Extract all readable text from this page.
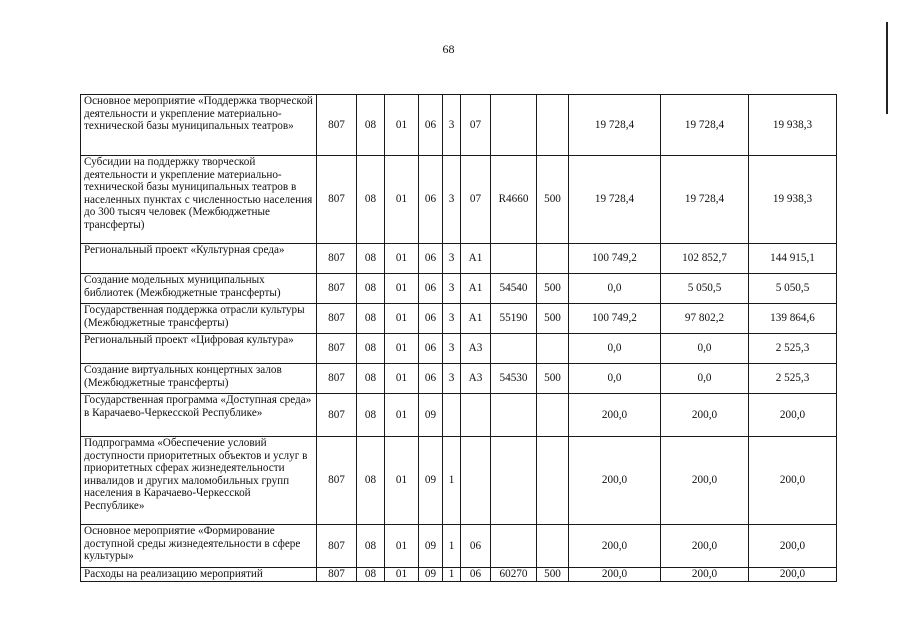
68
Основное мероприятие «Поддержка творческой деятельности и укрепление материально-технической базы муниципальных театров»	807	08	01	06	3	07			19 728,4	19 728,4	19 938,3
Субсидии на поддержку творческой деятельности и укрепление материально-технической базы муниципальных театров в населенных пунктах с численностью населения до 300 тысяч человек (Межбюджетные трансферты)	807	08	01	06	3	07	R4660	500	19 728,4	19 728,4	19 938,3
Региональный проект «Культурная среда»	807	08	01	06	3	A1			100 749,2	102 852,7	144 915,1
Создание модельных муниципальных библиотек (Межбюджетные трансферты)	807	08	01	06	3	A1	54540	500	0,0	5 050,5	5 050,5
Государственная поддержка отрасли культуры (Межбюджетные трансферты)	807	08	01	06	3	A1	55190	500	100 749,2	97 802,2	139 864,6
Региональный проект «Цифровая культура»	807	08	01	06	3	A3			0,0	0,0	2 525,3
Создание виртуальных концертных залов (Межбюджетные трансферты)	807	08	01	06	3	A3	54530	500	0,0	0,0	2 525,3
Государственная программа «Доступная среда» в Карачаево-Черкесской Республике»	807	08	01	09					200,0	200,0	200,0
Подпрограмма «Обеспечение условий доступности приоритетных объектов и услуг в приоритетных сферах жизнедеятельности инвалидов и других маломобильных групп населения в Карачаево-Черкесской Республике»	807	08	01	09	1				200,0	200,0	200,0
Основное мероприятие «Формирование доступной среды жизнедеятельности в сфере культуры»	807	08	01	09	1	06			200,0	200,0	200,0
Расходы на реализацию мероприятий	807	08	01	09	1	06	60270	500	200,0	200,0	200,0
